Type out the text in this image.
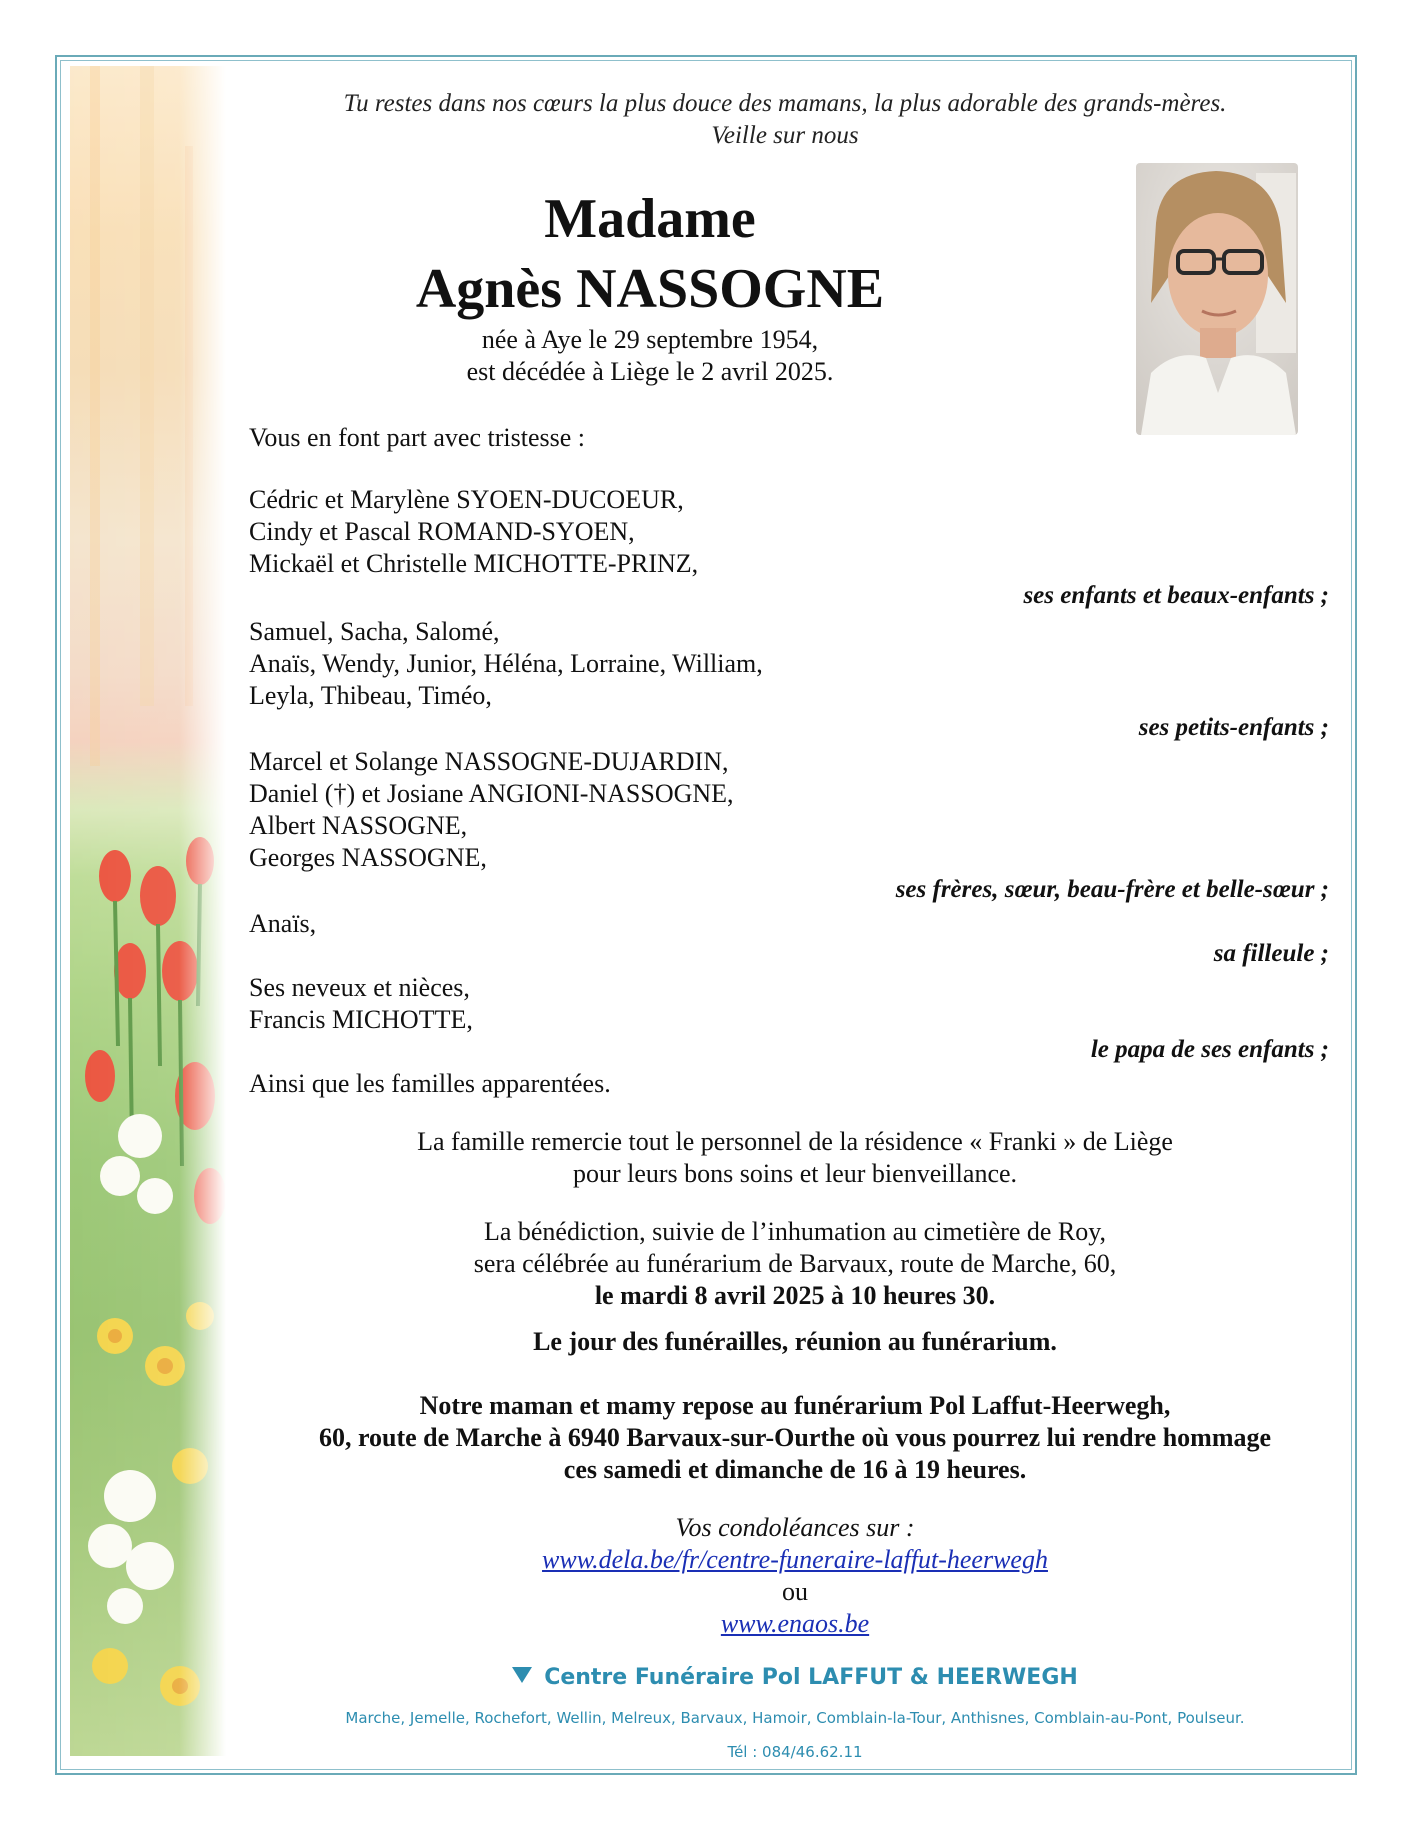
Tu restes dans nos cœurs la plus douce des mamans, la plus adorable des grands-mères.
Veille sur nous
Madame
Agnès NASSOGNE
née à Aye le 29 septembre 1954,
est décédée à Liège le 2 avril 2025.
Vous en font part avec tristesse :
Cédric et Marylène SYOEN-DUCOEUR,
Cindy et Pascal ROMAND-SYOEN,
Mickaël et Christelle MICHOTTE-PRINZ,
ses enfants et beaux-enfants ;
Samuel, Sacha, Salomé,
Anaïs, Wendy, Junior, Héléna, Lorraine, William,
Leyla, Thibeau, Timéo,
ses petits-enfants ;
Marcel et Solange NASSOGNE-DUJARDIN,
Daniel (†) et Josiane ANGIONI-NASSOGNE,
Albert NASSOGNE,
Georges NASSOGNE,
ses frères, sœur, beau-frère et belle-sœur ;
Anaïs,
sa filleule ;
Ses neveux et nièces,
Francis MICHOTTE,
le papa de ses enfants ;
Ainsi que les familles apparentées.
La famille remercie tout le personnel de la résidence « Franki » de Liège
pour leurs bons soins et leur bienveillance.
La bénédiction, suivie de l’inhumation au cimetière de Roy,
sera célébrée au funérarium de Barvaux, route de Marche, 60,
le mardi 8 avril 2025 à 10 heures 30.
Le jour des funérailles, réunion au funérarium.
Notre maman et mamy repose au funérarium Pol Laffut-Heerwegh,
60, route de Marche à 6940 Barvaux-sur-Ourthe où vous pourrez lui rendre hommage
ces samedi et dimanche de 16 à 19 heures.
Vos condoléances sur :
www.dela.be/fr/centre-funeraire-laffut-heerwegh
ou
www.enaos.be
Centre Funéraire Pol LAFFUT & HEERWEGH
Marche, Jemelle, Rochefort, Wellin, Melreux, Barvaux, Hamoir, Comblain-la-Tour, Anthisnes, Comblain-au-Pont, Poulseur.
Tél : 084/46.62.11
